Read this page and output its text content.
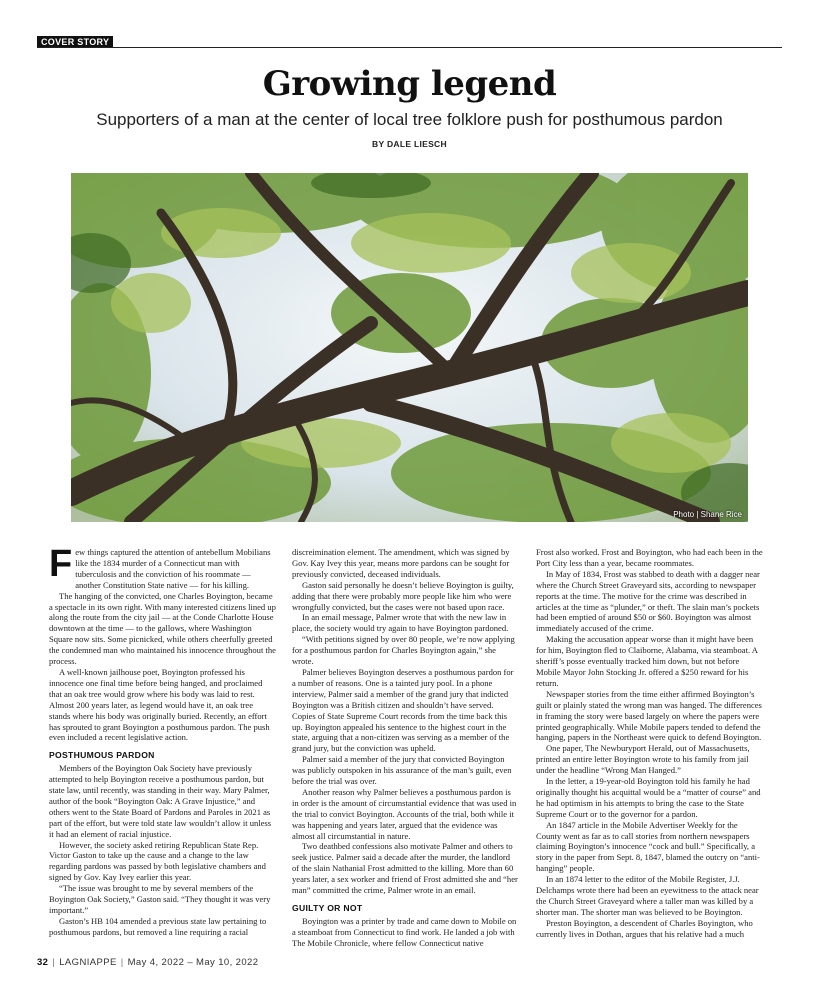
COVER STORY
Growing legend
Supporters of a man at the center of local tree folklore push for posthumous pardon
BY DALE LIESCH
Photo | Shane Rice
F ew things captured the attention of antebellum Mobilians like the 1834 murder of a Connecticut man with tuberculosis and the conviction of his roommate — another Constitution State native — for his killing.

The hanging of the convicted, one Charles Boyington, became a spectacle in its own right. With many interested citizens lined up along the route from the city jail — at the Conde Charlotte House downtown at the time — to the gallows, where Washington Square now sits. Some picnicked, while others cheerfully greeted the condemned man who maintained his innocence throughout the process.

A well-known jailhouse poet, Boyington professed his innocence one final time before being hanged, and proclaimed that an oak tree would grow where his body was laid to rest. Almost 200 years later, as legend would have it, an oak tree stands where his body was originally buried. Recently, an effort has sprouted to grant Boyington a posthumous pardon. The push even included a recent legislative action.

POSTHUMOUS PARDON

Members of the Boyington Oak Society have previously attempted to help Boyington receive a posthumous pardon, but state law, until recently, was standing in their way. Mary Palmer, author of the book “Boyington Oak: A Grave Injustice,” and others went to the State Board of Pardons and Paroles in 2021 as part of the effort, but were told state law wouldn’t allow it unless it had an element of racial injustice.

However, the society asked retiring Republican State Rep. Victor Gaston to take up the cause and a change to the law regarding pardons was passed by both legislative chambers and signed by Gov. Kay Ivey earlier this year.

“The issue was brought to me by several members of the Boyington Oak Society,” Gaston said. “They thought it was very important.”

Gaston’s HB 104 amended a previous state law pertaining to posthumous pardons, but removed a line requiring a racial

discreimination element. The amendment, which was signed by Gov. Kay Ivey this year, means more pardons can be sought for previously convicted, deceased individuals.

Gaston said personally he doesn’t believe Boyington is guilty, adding that there were probably more people like him who were wrongfully convicted, but the cases were not based upon race.

In an email message, Palmer wrote that with the new law in place, the society would try again to have Boyington pardoned.

“With petitions signed by over 80 people, we’re now applying for a posthumous pardon for Charles Boyington again,” she wrote.

Palmer believes Boyington deserves a posthumous pardon for a number of reasons. One is a tainted jury pool. In a phone interview, Palmer said a member of the grand jury that indicted Boyington was a British citizen and shouldn’t have served. Copies of State Supreme Court records from the time back this up. Boyington appealed his sentence to the highest court in the state, arguing that a non-citizen was serving as a member of the grand jury, but the conviction was upheld.

Palmer said a member of the jury that convicted Boyington was publicly outspoken in his assurance of the man’s guilt, even before the trial was over.

Another reason why Palmer believes a posthumous pardon is in order is the amount of circumstantial evidence that was used in the trial to convict Boyington. Accounts of the trial, both while it was happening and years later, argued that the evidence was almost all circumstantial in nature.

Two deathbed confessions also motivate Palmer and others to seek justice. Palmer said a decade after the murder, the landlord of the slain Nathanial Frost admitted to the killing. More than 60 years later, a sex worker and friend of Frost admitted she and “her man” committed the crime, Palmer wrote in an email.

GUILTY OR NOT

Boyington was a printer by trade and came down to Mobile on a steamboat from Connecticut to find work. He landed a job with The Mobile Chronicle, where fellow Connecticut native

Frost also worked. Frost and Boyington, who had each been in the Port City less than a year, became roommates.

In May of 1834, Frost was stabbed to death with a dagger near where the Church Street Graveyard sits, according to newspaper reports at the time. The motive for the crime was described in articles at the time as “plunder,” or theft. The slain man’s pockets had been emptied of around $50 or $60. Boyington was almost immediately accused of the crime.

Making the accusation appear worse than it might have been for him, Boyington fled to Claiborne, Alabama, via steamboat. A sheriff’s posse eventually tracked him down, but not before Mobile Mayor John Stocking Jr. offered a $250 reward for his return.

Newspaper stories from the time either affirmed Boyington’s guilt or plainly stated the wrong man was hanged. The differences in framing the story were based largely on where the papers were printed geographically. While Mobile papers tended to defend the hanging, papers in the Northeast were quick to defend Boyington.

One paper, The Newburyport Herald, out of Massachusetts, printed an entire letter Boyington wrote to his family from jail under the headline “Wrong Man Hanged.”

In the letter, a 19-year-old Boyington told his family he had originally thought his acquittal would be a “matter of course” and he had optimism in his attempts to bring the case to the State Supreme Court or to the governor for a pardon.

An 1847 article in the Mobile Advertiser Weekly for the County went as far as to call stories from northern newspapers claiming Boyington’s innocence “cock and bull.” Specifically, a story in the paper from Sept. 8, 1847, blamed the outcry on “anti-hanging” people.

In an 1874 letter to the editor of the Mobile Register, J.J. Delchamps wrote there had been an eyewitness to the attack near the Church Street Graveyard where a taller man was killed by a shorter man. The shorter man was believed to be Boyington.

Preston Boyington, a descendent of Charles Boyington, who currently lives in Dothan, argues that his relative had a much

32 | LAGNIAPPE | May 4, 2022 – May 10, 2022
